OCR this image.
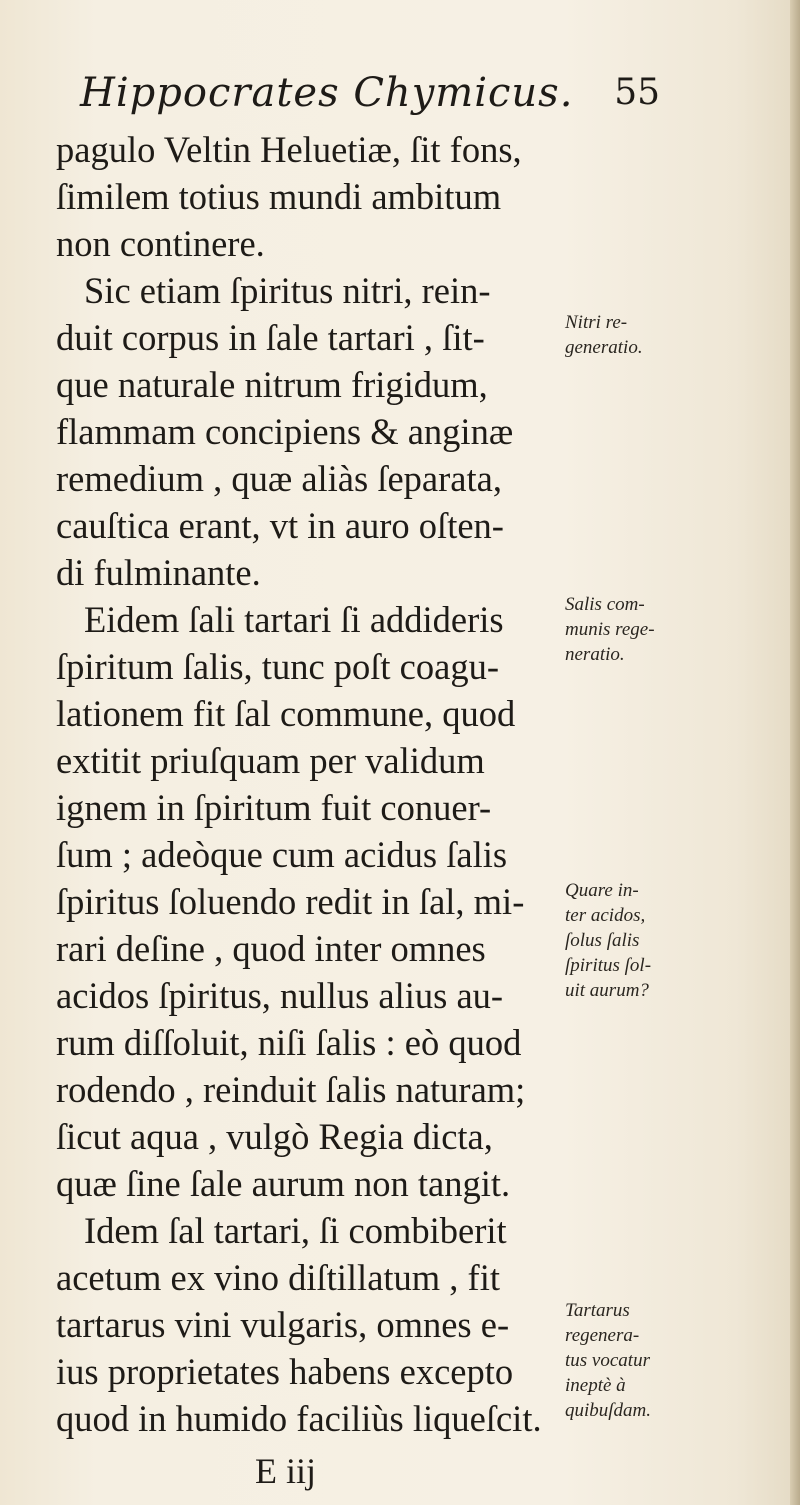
Hippocrates Chymicus. 55
pagulo Veltin Heluetiæ, ſit fons,
ſimilem totius mundi ambitum
non continere.
Sic etiam ſpiritus nitri, rein-
duit corpus in ſale tartari , ſit-
que naturale nitrum frigidum,
flammam concipiens & anginæ
remedium , quæ aliàs ſeparata,
cauſtica erant, vt in auro oſten-
di fulminante.
Eidem ſali tartari ſi addideris
ſpiritum ſalis, tunc poſt coagu-
lationem fit ſal commune, quod
extitit priuſquam per validum
ignem in ſpiritum fuit conuer-
ſum ; adeòque cum acidus ſalis
ſpiritus ſoluendo redit in ſal, mi-
rari deſine , quod inter omnes
acidos ſpiritus, nullus alius au-
rum diſſoluit, niſi ſalis : eò quod
rodendo , reinduit ſalis naturam;
ſicut aqua , vulgò Regia dicta,
quæ ſine ſale aurum non tangit.
Idem ſal tartari, ſi combiberit
acetum ex vino diſtillatum , fit
tartarus vini vulgaris, omnes e-
ius proprietates habens excepto
quod in humido faciliùs liqueſcit.
Nitri re-
generatio.
Salis com-
munis rege-
neratio.
Quare in-
ter acidos,
ſolus ſalis
ſpiritus ſol-
uit aurum?
Tartarus
regenera-
tus vocatur
ineptè à
quibuſdam.
E iij
